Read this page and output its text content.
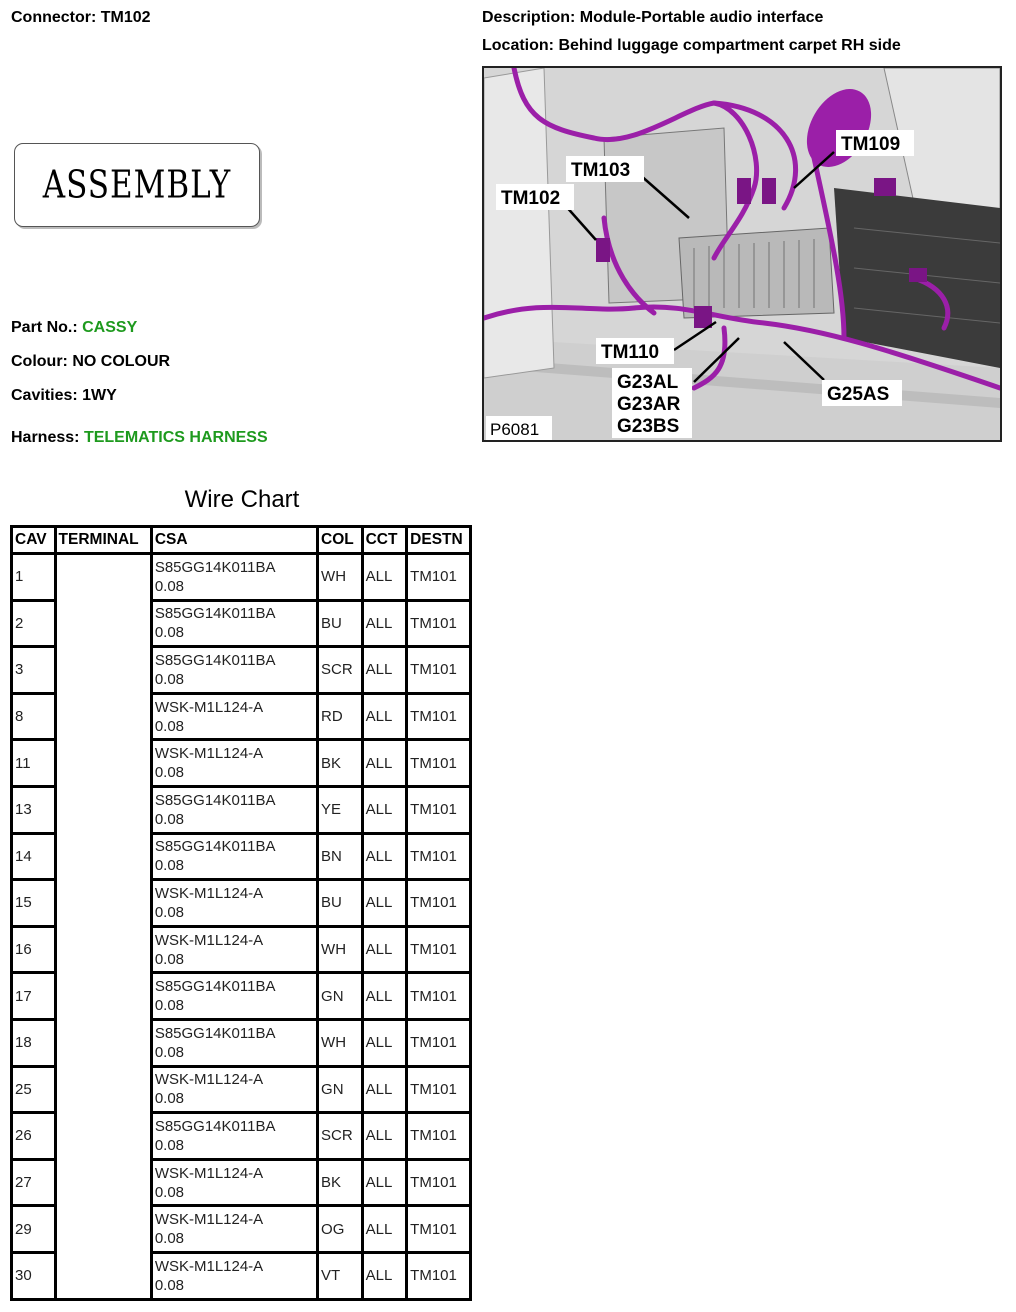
Connector: TM102	Description: Module-Portable audio interface
Location: Behind luggage compartment carpet RH side
ASSEMBLY
Part No.: CASSY
Colour: NO COLOUR
Cavities: 1WY
Harness: TELEMATICS HARNESS
TM109
TM103
TM102
TM110
G23AL
G23AR
G23BS
G25AS
P6081
Wire Chart
CAV	TERMINAL	CSA	COL	CCT	DESTN
1		S85GG14K011BA
0.08	WH	ALL	TM101
2		S85GG14K011BA
0.08	BU	ALL	TM101
3		S85GG14K011BA
0.08	SCR	ALL	TM101
8		WSK-M1L124-A
0.08	RD	ALL	TM101
11		WSK-M1L124-A
0.08	BK	ALL	TM101
13		S85GG14K011BA
0.08	YE	ALL	TM101
14		S85GG14K011BA
0.08	BN	ALL	TM101
15		WSK-M1L124-A
0.08	BU	ALL	TM101
16		WSK-M1L124-A
0.08	WH	ALL	TM101
17		S85GG14K011BA
0.08	GN	ALL	TM101
18		S85GG14K011BA
0.08	WH	ALL	TM101
25		WSK-M1L124-A
0.08	GN	ALL	TM101
26		S85GG14K011BA
0.08	SCR	ALL	TM101
27		WSK-M1L124-A
0.08	BK	ALL	TM101
29		WSK-M1L124-A
0.08	OG	ALL	TM101
30		WSK-M1L124-A
0.08	VT	ALL	TM101
